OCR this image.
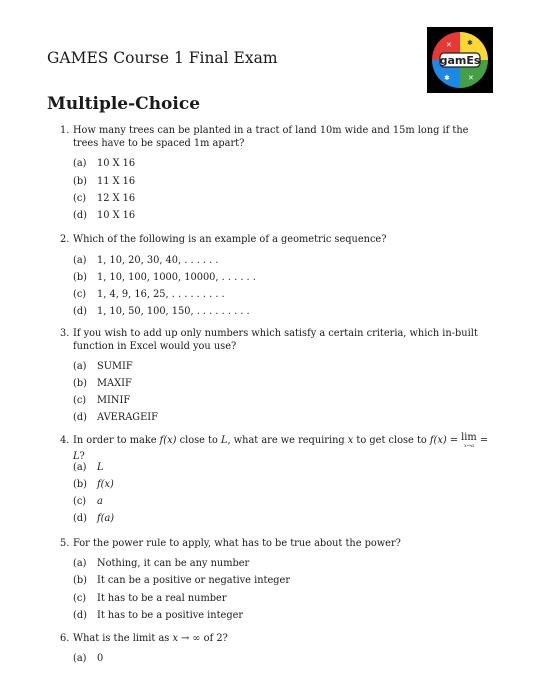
GAMES Course 1 Final Exam	gamEs
✕ ✱
✱	✕
Multiple-Choice
1. How many trees can be planted in a tract of land 10m wide and 15m long if the trees have to be spaced 1m apart?
(a) 10 X 16
(b) 11 X 16
(c) 12 X 16
(d) 10 X 16
2. Which of the following is an example of a geometric sequence?
(a) 1, 10, 20, 30, 40, . . . . . .
(b) 1, 10, 100, 1000, 10000, . . . . . .
(c) 1, 4, 9, 16, 25, . . . . . . . . .
(d) 1, 10, 50, 100, 150, . . . . . . . . .
3. If you wish to add up only numbers which satisfy a certain criteria, which in-built function in Excel would you use?
(a) SUMIF
(b) MAXIF
(c) MINIF
(d) AVERAGEIF
4. In order to make f(x) close to L, what are we requiring x to get close to f(x) = lim
x→a = L?
(a) L
(b) f(x)
(c) a
(d) f(a)
5. For the power rule to apply, what has to be true about the power?
(a) Nothing, it can be any number
(b) It can be a positive or negative integer
(c) It has to be a real number
(d) It has to be a positive integer
6. What is the limit as x → ∞ of 2?
(a) 0
